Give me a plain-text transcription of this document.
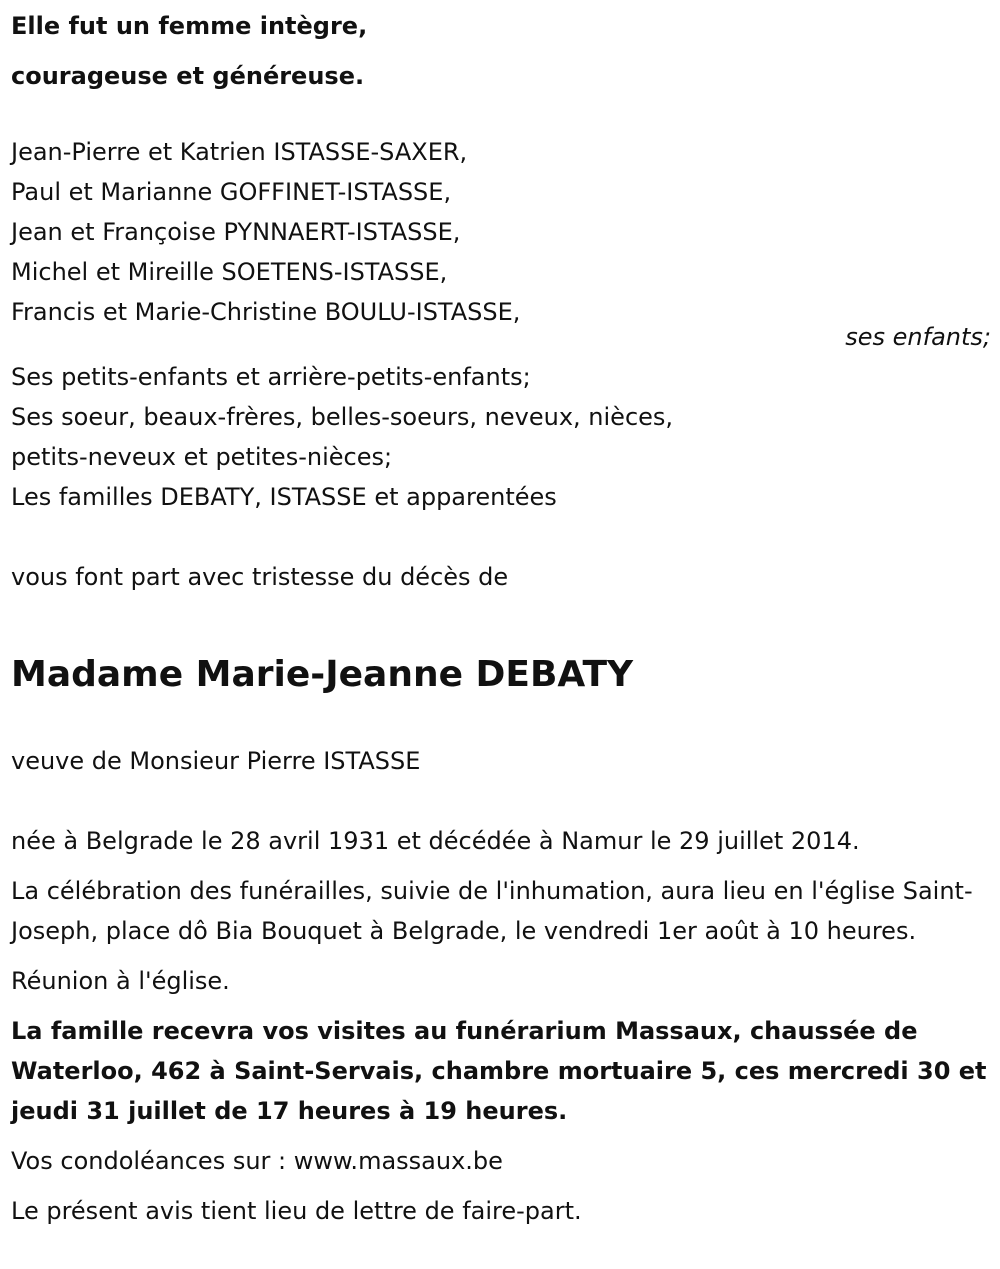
Elle fut un femme intègre,
courageuse et généreuse.
Jean-Pierre et Katrien ISTASSE-SAXER,
Paul et Marianne GOFFINET-ISTASSE,
Jean et Françoise PYNNAERT-ISTASSE,
Michel et Mireille SOETENS-ISTASSE,
Francis et Marie-Christine BOULU-ISTASSE,
ses enfants;
Ses petits-enfants et arrière-petits-enfants;
Ses soeur, beaux-frères, belles-soeurs, neveux, nièces,
petits-neveux et petites-nièces;
Les familles DEBATY, ISTASSE et apparentées
vous font part avec tristesse du décès de
Madame Marie-Jeanne DEBATY
veuve de Monsieur Pierre ISTASSE
née à Belgrade le 28 avril 1931 et décédée à Namur le 29 juillet 2014.
La célébration des funérailles, suivie de l'inhumation, aura lieu en l'église Saint-Joseph, place dô Bia Bouquet à Belgrade, le vendredi 1er août à 10 heures.
Réunion à l'église.
La famille recevra vos visites au funérarium Massaux, chaussée de Waterloo, 462 à Saint-Servais, chambre mortuaire 5, ces mercredi 30 et jeudi 31 juillet de 17 heures à 19 heures.
Vos condoléances sur : www.massaux.be
Le présent avis tient lieu de lettre de faire-part.
